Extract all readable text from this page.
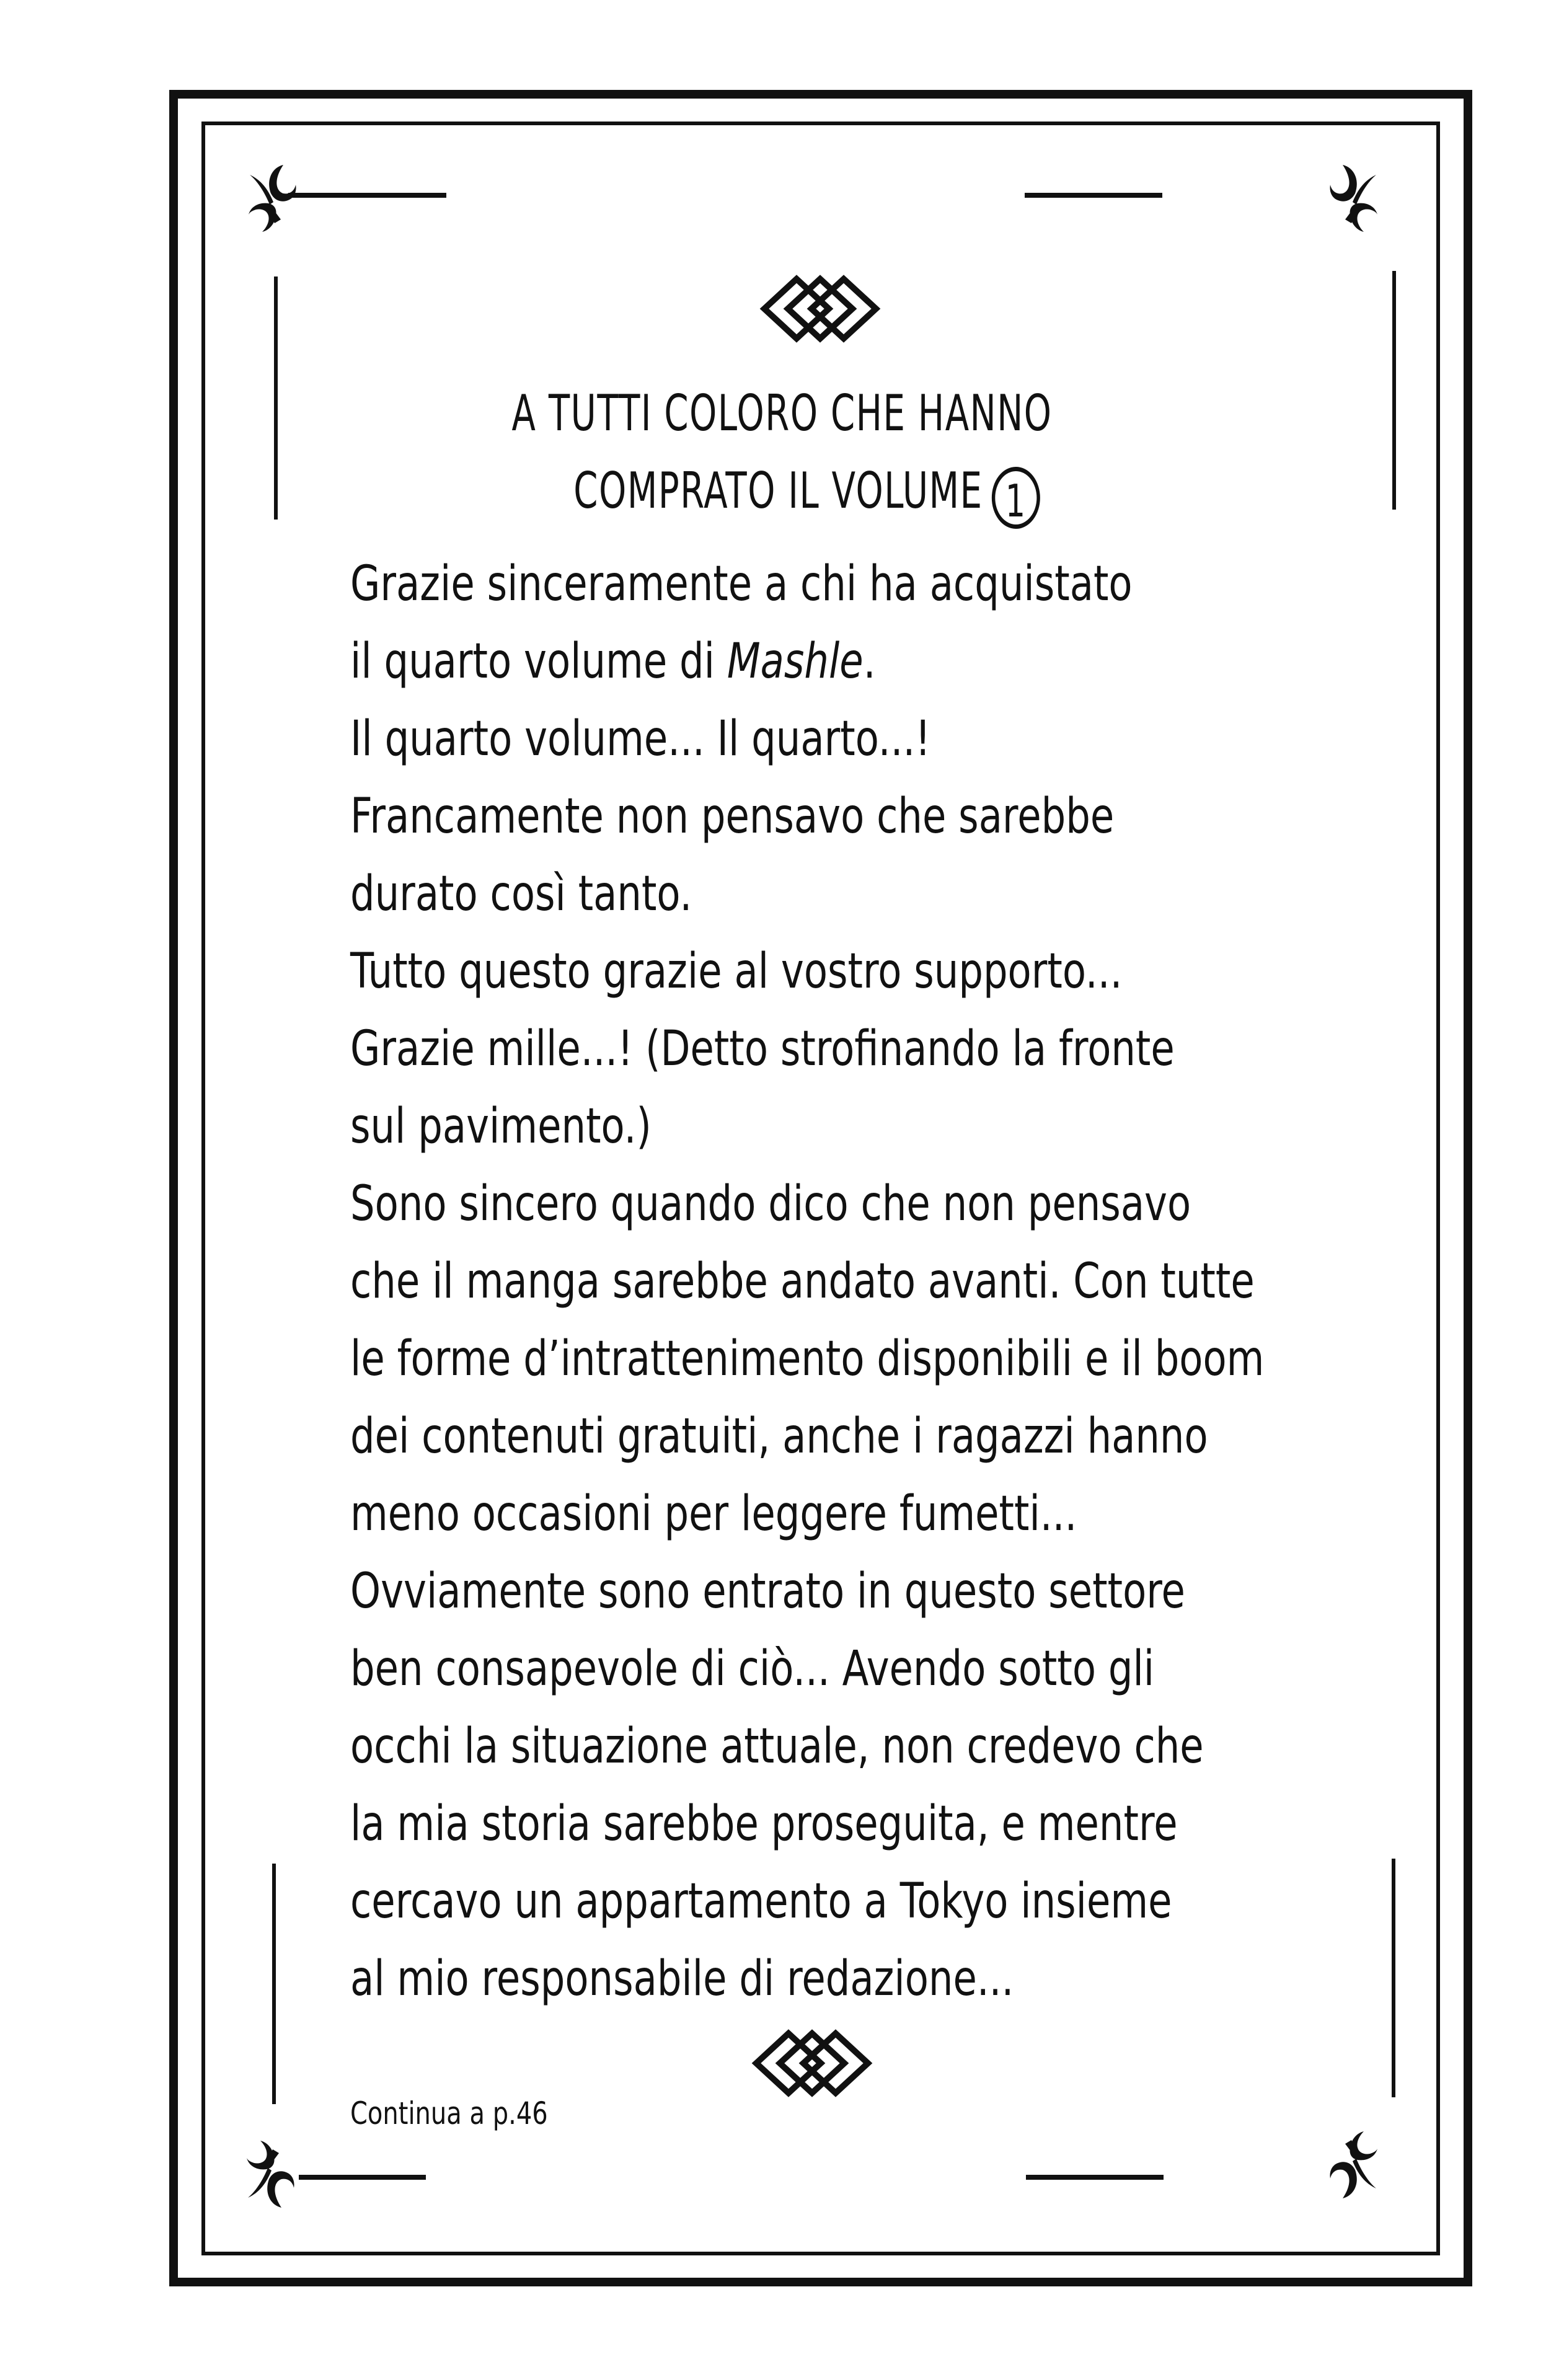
A TUTTI COLORO CHE HANNO
COMPRATO IL VOLUME 1
Grazie sinceramente a chi ha acquistato
il quarto volume di Mashle.
Il quarto volume... Il quarto...!
Francamente non pensavo che sarebbe
durato così tanto.
Tutto questo grazie al vostro supporto...
Grazie mille...! (Detto strofinando la fronte
sul pavimento.)
Sono sincero quando dico che non pensavo
che il manga sarebbe andato avanti. Con tutte
le forme d’intrattenimento disponibili e il boom
dei contenuti gratuiti, anche i ragazzi hanno
meno occasioni per leggere fumetti...
Ovviamente sono entrato in questo settore
ben consapevole di ciò... Avendo sotto gli
occhi la situazione attuale, non credevo che
la mia storia sarebbe proseguita, e mentre
cercavo un appartamento a Tokyo insieme
al mio responsabile di redazione...
Continua a p.46
